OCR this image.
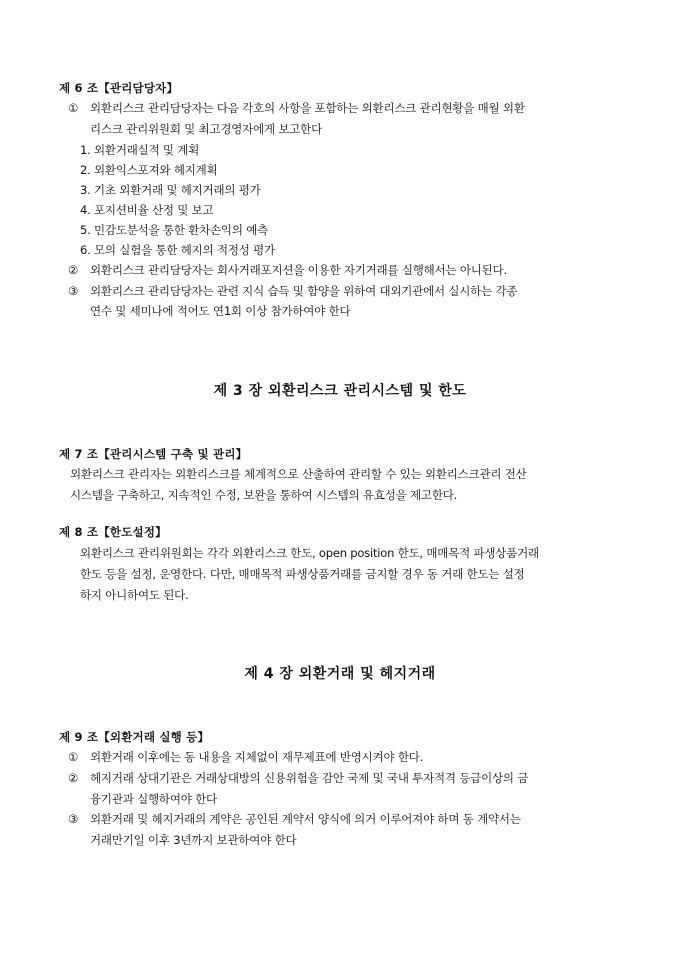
제 6 조【관리담당자】
① 외환리스크 관리담당자는 다음 각호의 사항을 포함하는 외환리스크 관리현황을 매월 외환
리스크 관리위원회 및 최고경영자에게 보고한다
1. 외환거래실적 및 계획
2. 외환익스포져와 헤지계획
3. 기초 외환거래 및 헤지거래의 평가
4. 포지션비율 산정 및 보고
5. 민감도분석을 통한 환차손익의 예측
6. 모의 실험을 통한 헤지의 적정성 평가
② 외환리스크 관리담당자는 회사거래포지션을 이용한 자기거래를 실행해서는 아니된다.
③ 외환리스크 관리담당자는 관련 지식 습득 및 함양을 위하여 대외기관에서 실시하는 각종
연수 및 세미나에 적어도 연1회 이상 참가하여야 한다
제 3 장 외환리스크 관리시스템 및 한도
제 7 조【관리시스템 구축 및 관리】
외환리스크 관리자는 외환리스크를 체계적으로 산출하여 관리할 수 있는 외환리스크관리 전산
시스템을 구축하고, 지속적인 수정, 보완을 통하여 시스템의 유효성을 제고한다.
제 8 조【한도설정】
외환리스크 관리위원회는 각각 외환리스크 한도, open position 한도, 매매목적 파생상품거래
한도 등을 설정, 운영한다. 다만, 매매목적 파생상품거래를 금지할 경우 동 거래 한도는 설정
하지 아니하여도 된다.
제 4 장 외환거래 및 헤지거래
제 9 조【외환거래 실행 등】
① 외환거래 이후에는 동 내용을 지체없이 재무제표에 반영시켜야 한다.
② 헤지거래 상대기관은 거래상대방의 신용위험을 감안 국제 및 국내 투자적격 등급이상의 금
융기관과 실행하여야 한다
③ 외환거래 및 헤지거래의 계약은 공인된 계약서 양식에 의거 이루어져야 하며 동 계약서는
거래만기일 이후 3년까지 보관하여야 한다
